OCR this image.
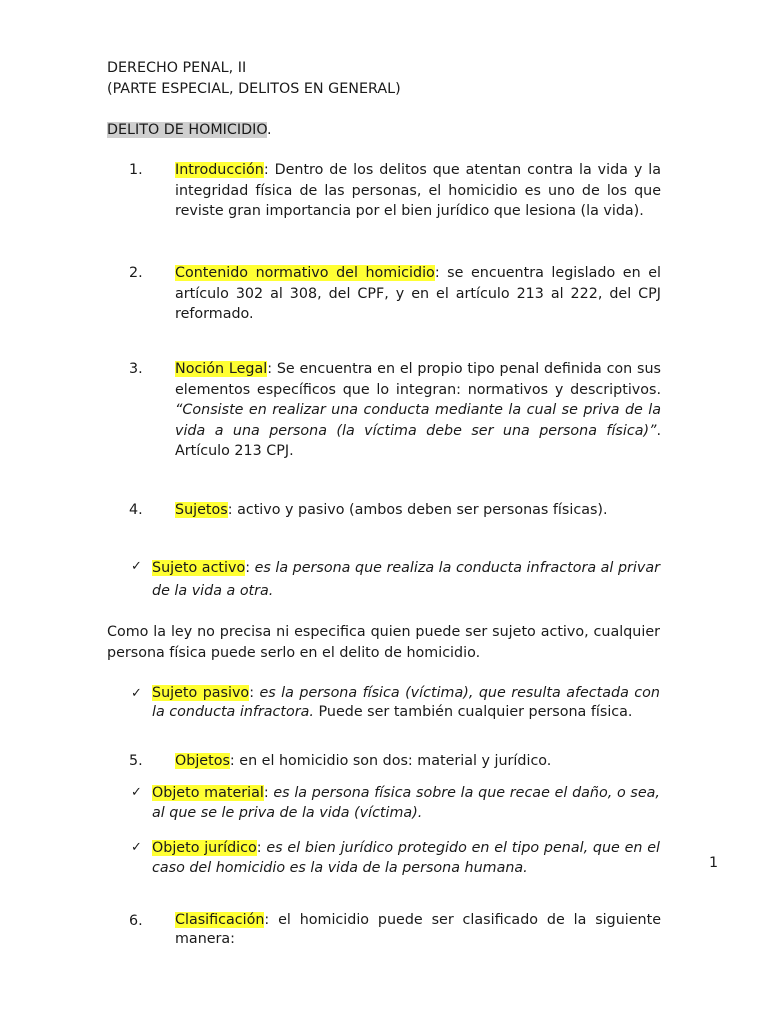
DERECHO PENAL, II
(PARTE ESPECIAL, DELITOS EN GENERAL)
DELITO DE HOMICIDIO.
1.	Introducción: Dentro de los delitos que atentan contra la vida y la integridad física de las personas, el homicidio es uno de los que reviste gran importancia por el bien jurídico que lesiona (la vida).
2.	Contenido normativo del homicidio: se encuentra legislado en el artículo 302 al 308, del CPF, y en el artículo 213 al 222, del CPJ reformado.
3.	Noción Legal: Se encuentra en el propio tipo penal definida con sus elementos específicos que lo integran: normativos y descriptivos. “Consiste en realizar una conducta mediante la cual se priva de la vida a una persona (la víctima debe ser una persona física)”. Artículo 213 CPJ.
4.	Sujetos: activo y pasivo (ambos deben ser personas físicas).
✓ Sujeto activo: es la persona que realiza la conducta infractora al privar de la vida a otra.
Como la ley no precisa ni especifica quien puede ser sujeto activo, cualquier persona física puede serlo en el delito de homicidio.
✓ Sujeto pasivo: es la persona física (víctima), que resulta afectada con la conducta infractora. Puede ser también cualquier persona física.
5.	Objetos: en el homicidio son dos: material y jurídico.
✓ Objeto material: es la persona física sobre la que recae el daño, o sea, al que se le priva de la vida (víctima).
✓ Objeto jurídico: es el bien jurídico protegido en el tipo penal, que en el caso del homicidio es la vida de la persona humana.	1
6.	Clasificación: el homicidio puede ser clasificado de la siguiente manera:
